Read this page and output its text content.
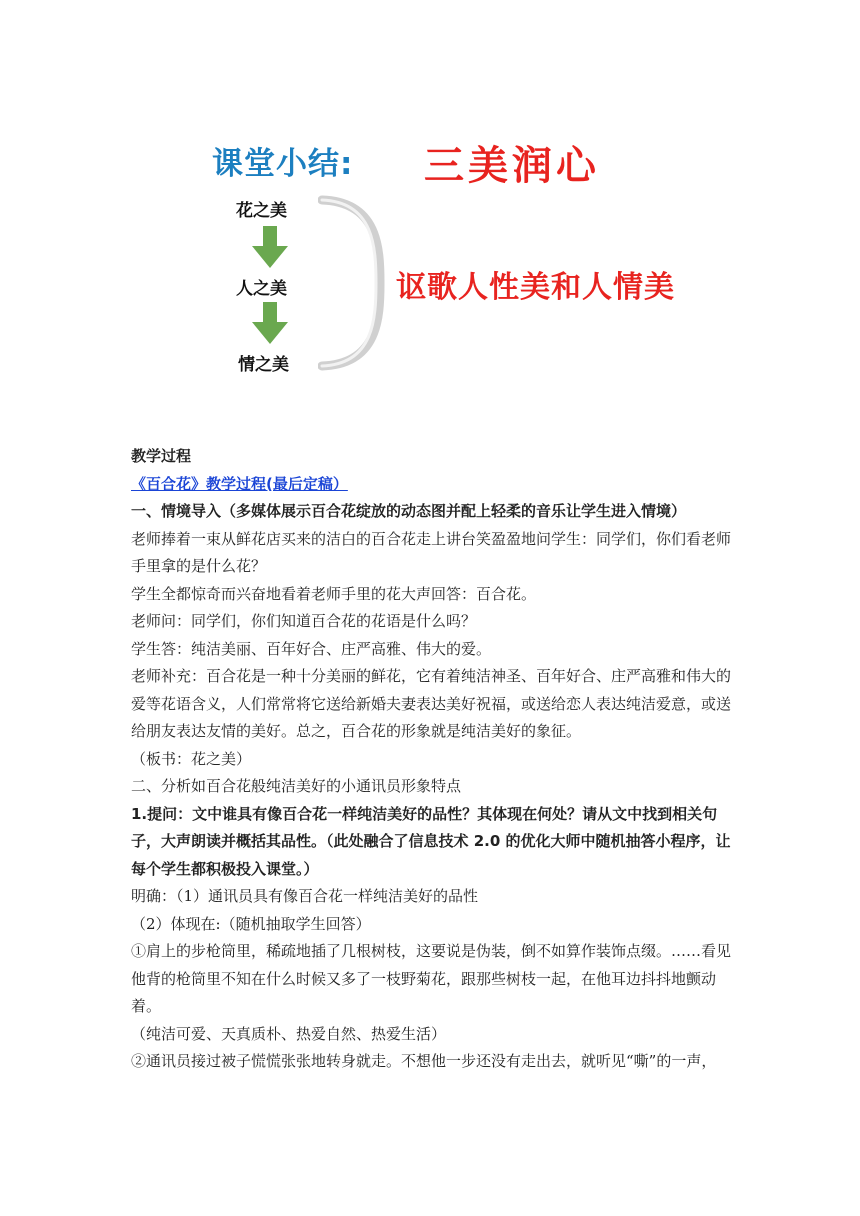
课堂小结: 三美润心
花之美
人之美
情之美
讴歌人性美和人情美

教学过程

《百合花》教学过程(最后定稿）

一、情境导入（多媒体展示百合花绽放的动态图并配上轻柔的音乐让学生进入情境）

老师捧着一束从鲜花店买来的洁白的百合花走上讲台笑盈盈地问学生：同学们，你们看老师手里拿的是什么花？

学生全都惊奇而兴奋地看着老师手里的花大声回答：百合花。

老师问：同学们，你们知道百合花的花语是什么吗？

学生答：纯洁美丽、百年好合、庄严高雅、伟大的爱。

老师补充：百合花是一种十分美丽的鲜花，它有着纯洁神圣、百年好合、庄严高雅和伟大的爱等花语含义，人们常常将它送给新婚夫妻表达美好祝福，或送给恋人表达纯洁爱意，或送给朋友表达友情的美好。总之，百合花的形象就是纯洁美好的象征。

（板书：花之美）

二、分析如百合花般纯洁美好的小通讯员形象特点

1.提问：文中谁具有像百合花一样纯洁美好的品性？其体现在何处？请从文中找到相关句子，大声朗读并概括其品性。（此处融合了信息技术 2.0 的优化大师中随机抽答小程序，让每个学生都积极投入课堂。）

明确：（1）通讯员具有像百合花一样纯洁美好的品性

（2）体现在:（随机抽取学生回答）

①肩上的步枪筒里，稀疏地插了几根树枝，这要说是伪装，倒不如算作装饰点缀。……看见他背的枪筒里不知在什么时候又多了一枝野菊花，跟那些树枝一起，在他耳边抖抖地颤动着。

（纯洁可爱、天真质朴、热爱自然、热爱生活）

②通讯员接过被子慌慌张张地转身就走。不想他一步还没有走出去，就听见“嘶”的一声，
